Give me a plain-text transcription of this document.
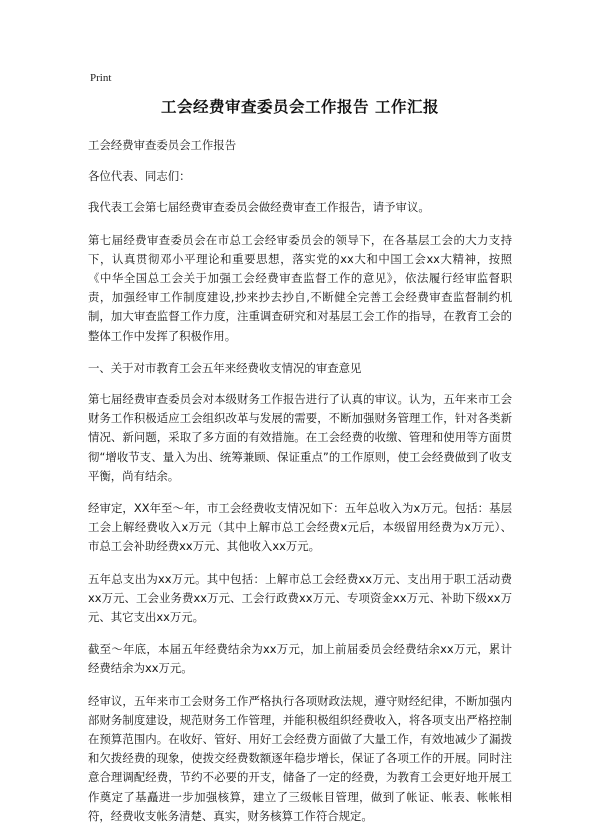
Print
工会经费审查委员会工作报告 工作汇报

工会经费审查委员会工作报告

各位代表、同志们：

我代表工会第七届经费审查委员会做经费审查工作报告，请予审议。

第七届经费审查委员会在市总工会经审委员会的领导下，在各基层工会的大力支持下，认真贯彻邓小平理论和重要思想，落实党的xx大和中国工会xx大精神，按照《中华全国总工会关于加强工会经费审查监督工作的意见》，依法履行经审监督职责，加强经审工作制度建设,抄来抄去抄自,不断健全完善工会经费审查监督制约机制，加大审查监督工作力度，注重调查研究和对基层工会工作的指导，在教育工会的整体工作中发挥了积极作用。

一、关于对市教育工会五年来经费收支情况的审查意见

第七届经费审查委员会对本级财务工作报告进行了认真的审议。认为，五年来市工会财务工作积极适应工会组织改革与发展的需要，不断加强财务管理工作，针对各类新情况、新问题，采取了多方面的有效措施。在工会经费的收缴、管理和使用等方面贯彻“增收节支、量入为出、统筹兼顾、保证重点”的工作原则，使工会经费做到了收支平衡，尚有结余。

经审定，XX年至～年，市工会经费收支情况如下：五年总收入为x万元。包括：基层工会上解经费收入x万元（其中上解市总工会经费x元后，本级留用经费为x万元）、市总工会补助经费xx万元、其他收入xx万元。

五年总支出为xx万元。其中包括：上解市总工会经费xx万元、支出用于职工活动费xx万元、工会业务费xx万元、工会行政费xx万元、专项资金xx万元、补助下级xx万元、其它支出xx万元。

截至～年底，本届五年经费结余为xx万元，加上前届委员会经费结余xx万元，累计经费结余为xx万元。

经审议，五年来市工会财务工作严格执行各项财政法规，遵守财经纪律，不断加强内部财务制度建设，规范财务工作管理，并能积极组织经费收入，将各项支出严格控制在预算范围内。在收好、管好、用好工会经费方面做了大量工作，有效地减少了漏拨和欠拨经费的现象，使拨交经费数额逐年稳步增长，保证了各项工作的开展。同时注意合理调配经费，节约不必要的开支，储备了一定的经费，为教育工会更好地开展工作奠定了基矗进一步加强核算，建立了三级帐目管理，做到了帐证、帐表、帐帐相符，经费收支帐务清楚、真实，财务核算工作符合规定。
